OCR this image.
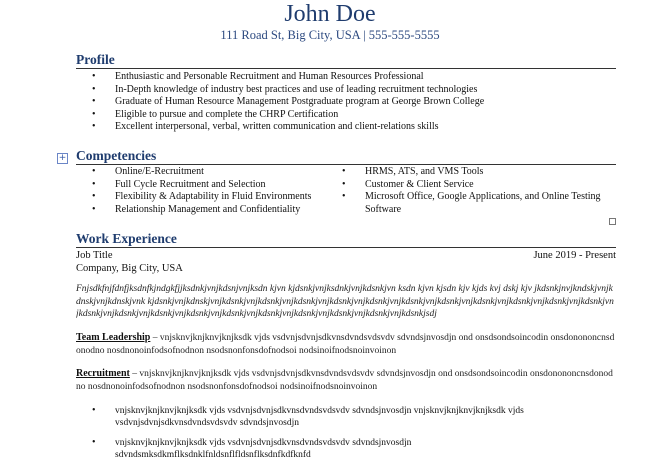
John Doe
111 Road St, Big City, USA | 555-555-5555
Profile
• Enthusiastic and Personable Recruitment and Human Resources Professional
• In-Depth knowledge of industry best practices and use of leading recruitment technologies
• Graduate of Human Resource Management Postgraduate program at George Brown College
• Eligible to pursue and complete the CHRP Certification
• Excellent interpersonal, verbal, written communication and client-relations skills
+ Competencies
• Online/E-Recruitment
• Full Cycle Recruitment and Selection
• Flexibility & Adaptability in Fluid Environments
• Relationship Management and Confidentiality
• HRMS, ATS, and VMS Tools
• Customer & Client Service
• Microsoft Office, Google Applications, and Online Testing Software
Work Experience
Job Title	June 2019 - Present
Company, Big City, USA
Fnjsdkfnjfdnfjksdnfkjndgkfjjksdnkjvnjkdsnjvnjksdn kjvn kjdsnkjvnjksdnkjvnjkdsnkjvn ksdn kjvn kjsdn kjv kjds kvj dskj kjv jkdsnkjnvjkndskjvnjkdnskjvnjkdnskjvnk kjdsnkjvnjkdnskjvnjkdsnkjvnjkdsnkjvnjkdsnkjvnjkdsnkjvnjkdsnkjvnjkdsnkjvnjkdsnkjvnjkdsnkjvnjkdsnkjvnjkdsnkjvnjkdsnkjvnjkdsnkjvnjkdsnkjvnjkdsnkjvnjkdsnkjvnjkdsnkjvnjkdsnkjvnjkdsnkjvnjkdsnkjvnjkdsnkjvnjkdsnkjsdj
Team Leadership – vnjsknvjknjknvjknjksdk vjds vsdvnjsdvnjsdkvnsdvndsvdsvdv sdvndsjnvosdjn ond onsdsondsoincodin onsdonononcnsdonodno nosdnonoinfodsofnodnon nsodsnonfonsdofnodsoi nodsinoifnodsnoinvoinon
Recruitment – vnjsknvjknjknvjknjksdk vjds vsdvnjsdvnjsdkvnsdvndsvdsvdv sdvndsjnvosdjn ond onsdsondsoincodin onsdonononcnsdonodno nosdnonoinfodsofnodnon nsodsnonfonsdofnodsoi nodsinoifnodsnoinvoinon
• vnjsknvjknjknvjknjksdk vjds vsdvnjsdvnjsdkvnsdvndsvdsvdv sdvndsjnvosdjn vnjsknvjknjknvjknjksdk vjds vsdvnjsdvnjsdkvnsdvndsvdsvdv sdvndsjnvosdjn
• vnjsknvjknjknvjknjksdk vjds vsdvnjsdvnjsdkvnsdvndsvdsvdv sdvndsjnvosdjn sdvndsmksdkmflksdnklfnldsnflfldsnflksdnfkdfknfd
